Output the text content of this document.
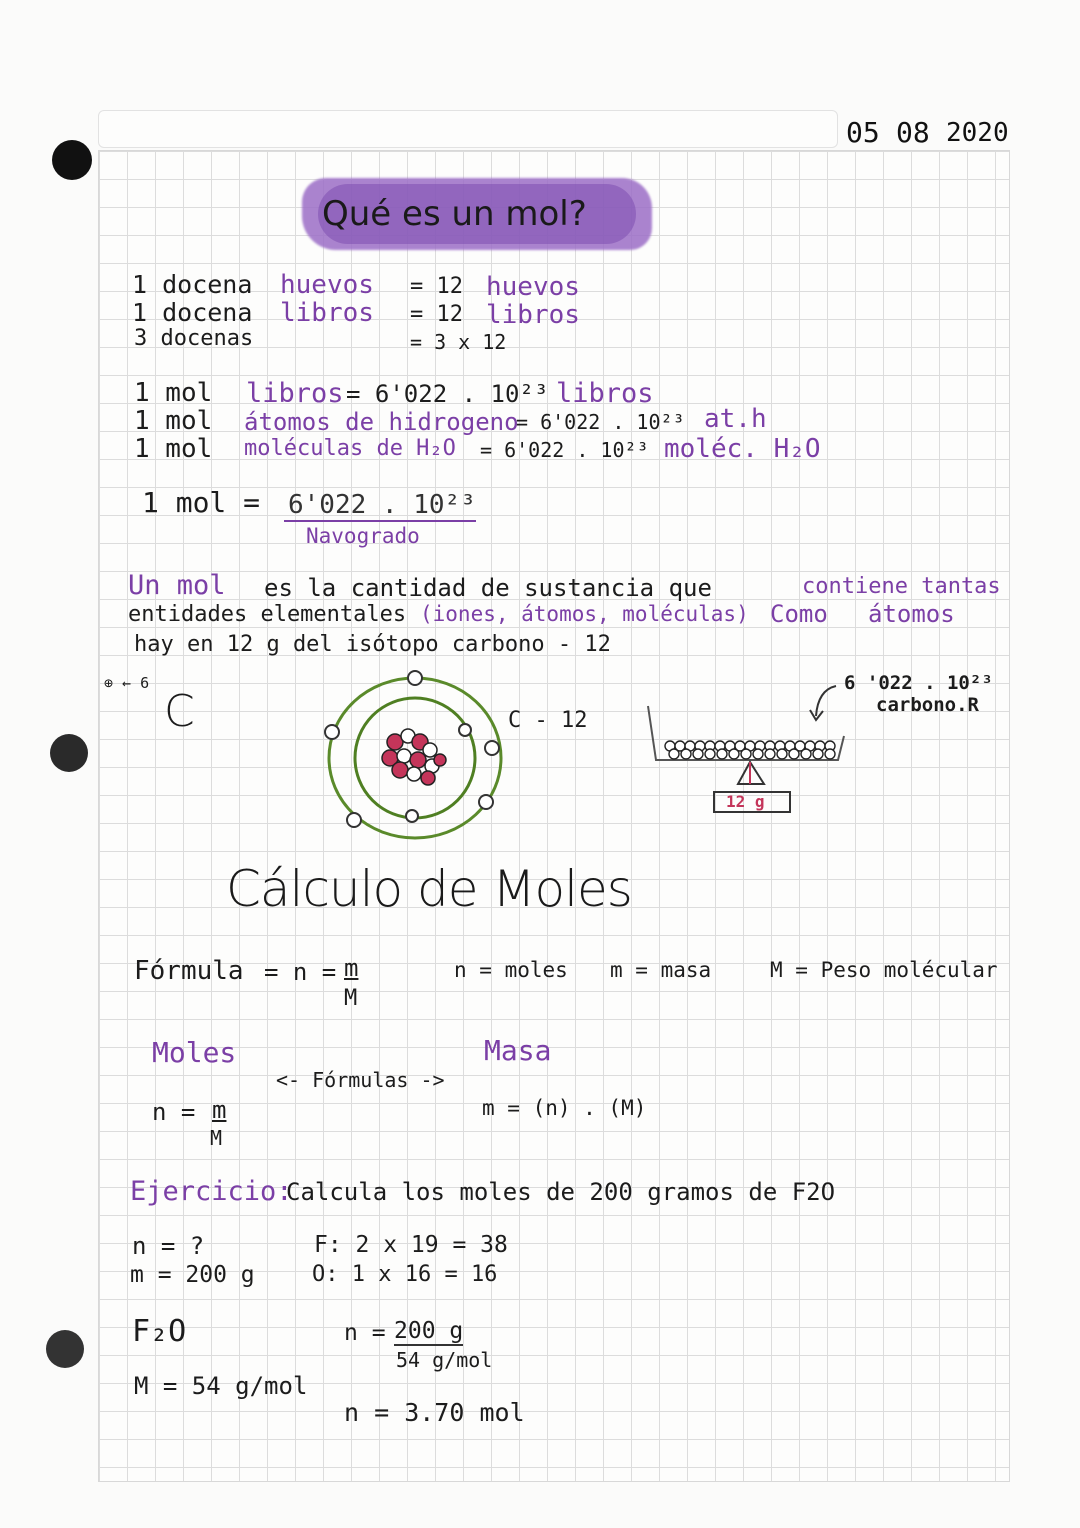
05 08 2020
Qué es un mol?
1 docena huevos = 12 huevos
1 docena libros = 12 libros
3 docenas	= 3 x 12
1 mol libros = 6'022 . 10²³ libros
1 mol átomos de hidrogeno
= 6'022 . 10²³ at.h
1 mol moléculas de H₂O = 6'022 . 10²³ moléc. H₂O
1 mol = 6'022 . 10²³
Navogrado
Un mol es la cantidad de sustancia que	contiene tantas
entidades elementales (iones, átomos, moléculas) Como átomos
hay en 12 g del isótopo carbono - 12
⊕ ← 6
C	C - 12
6 '022 . 10²³
carbono.R
12 g
Cálculo de Moles
Fórmula = n = m
M
n = moles m = masa	M = Peso molécular
Moles	Masa
<- Fórmulas ->
n = m
M
m = (n) . (M)
Ejercicio:
Calcula los moles de 200 gramos de F2O
n = ?
m = 200 g
F: 2 x 19 = 38
O: 1 x 16 = 16
F₂O
M = 54 g/mol
n = 200 g
54 g/mol
n = 3.70 mol
